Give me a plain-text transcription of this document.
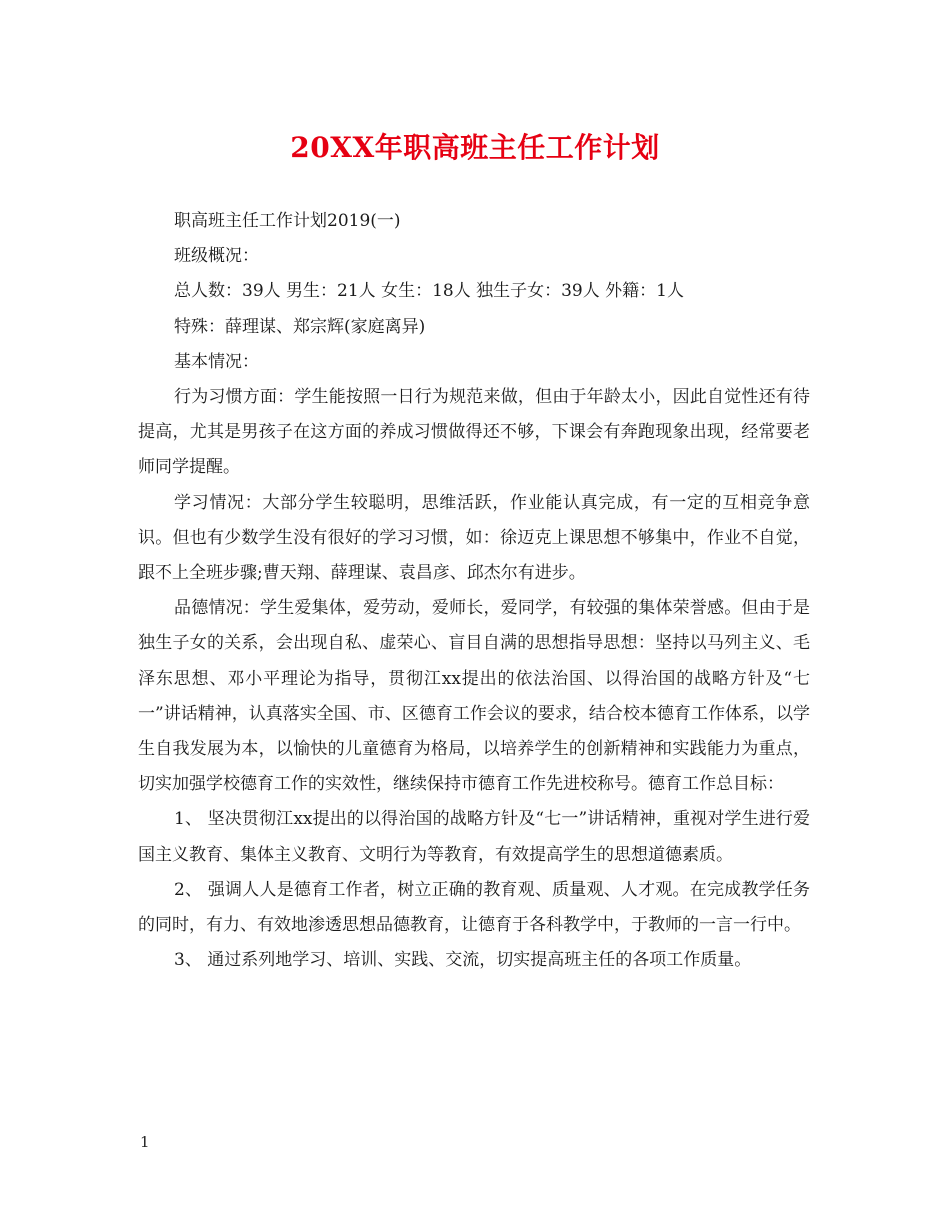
20XX年职高班主任工作计划

职高班主任工作计划2019(一)

班级概况：

总人数：39人 男生：21人 女生：18人 独生子女：39人 外籍：1人

特殊：薛理谋、郑宗辉(家庭离异)

基本情况：

行为习惯方面：学生能按照一日行为规范来做，但由于年龄太小，因此自觉性还有待提高，尤其是男孩子在这方面的养成习惯做得还不够，下课会有奔跑现象出现，经常要老师同学提醒。

学习情况：大部分学生较聪明，思维活跃，作业能认真完成，有一定的互相竞争意识。但也有少数学生没有很好的学习习惯，如：徐迈克上课思想不够集中，作业不自觉，跟不上全班步骤;曹天翔、薛理谋、袁昌彦、邱杰尔有进步。

品德情况：学生爱集体，爱劳动，爱师长，爱同学，有较强的集体荣誉感。但由于是独生子女的关系，会出现自私、虚荣心、盲目自满的思想指导思想：坚持以马列主义、毛泽东思想、邓小平理论为指导，贯彻江xx提出的依法治国、以得治国的战略方针及“七一”讲话精神，认真落实全国、市、区德育工作会议的要求，结合校本德育工作体系，以学生自我发展为本，以愉快的儿童德育为格局，以培养学生的创新精神和实践能力为重点，切实加强学校德育工作的实效性，继续保持市德育工作先进校称号。德育工作总目标：

1、 坚决贯彻江xx提出的以得治国的战略方针及“七一”讲话精神，重视对学生进行爱国主义教育、集体主义教育、文明行为等教育，有效提高学生的思想道德素质。

2、 强调人人是德育工作者，树立正确的教育观、质量观、人才观。在完成教学任务的同时，有力、有效地渗透思想品德教育，让德育于各科教学中，于教师的一言一行中。

3、 通过系列地学习、培训、实践、交流，切实提高班主任的各项工作质量。

1
